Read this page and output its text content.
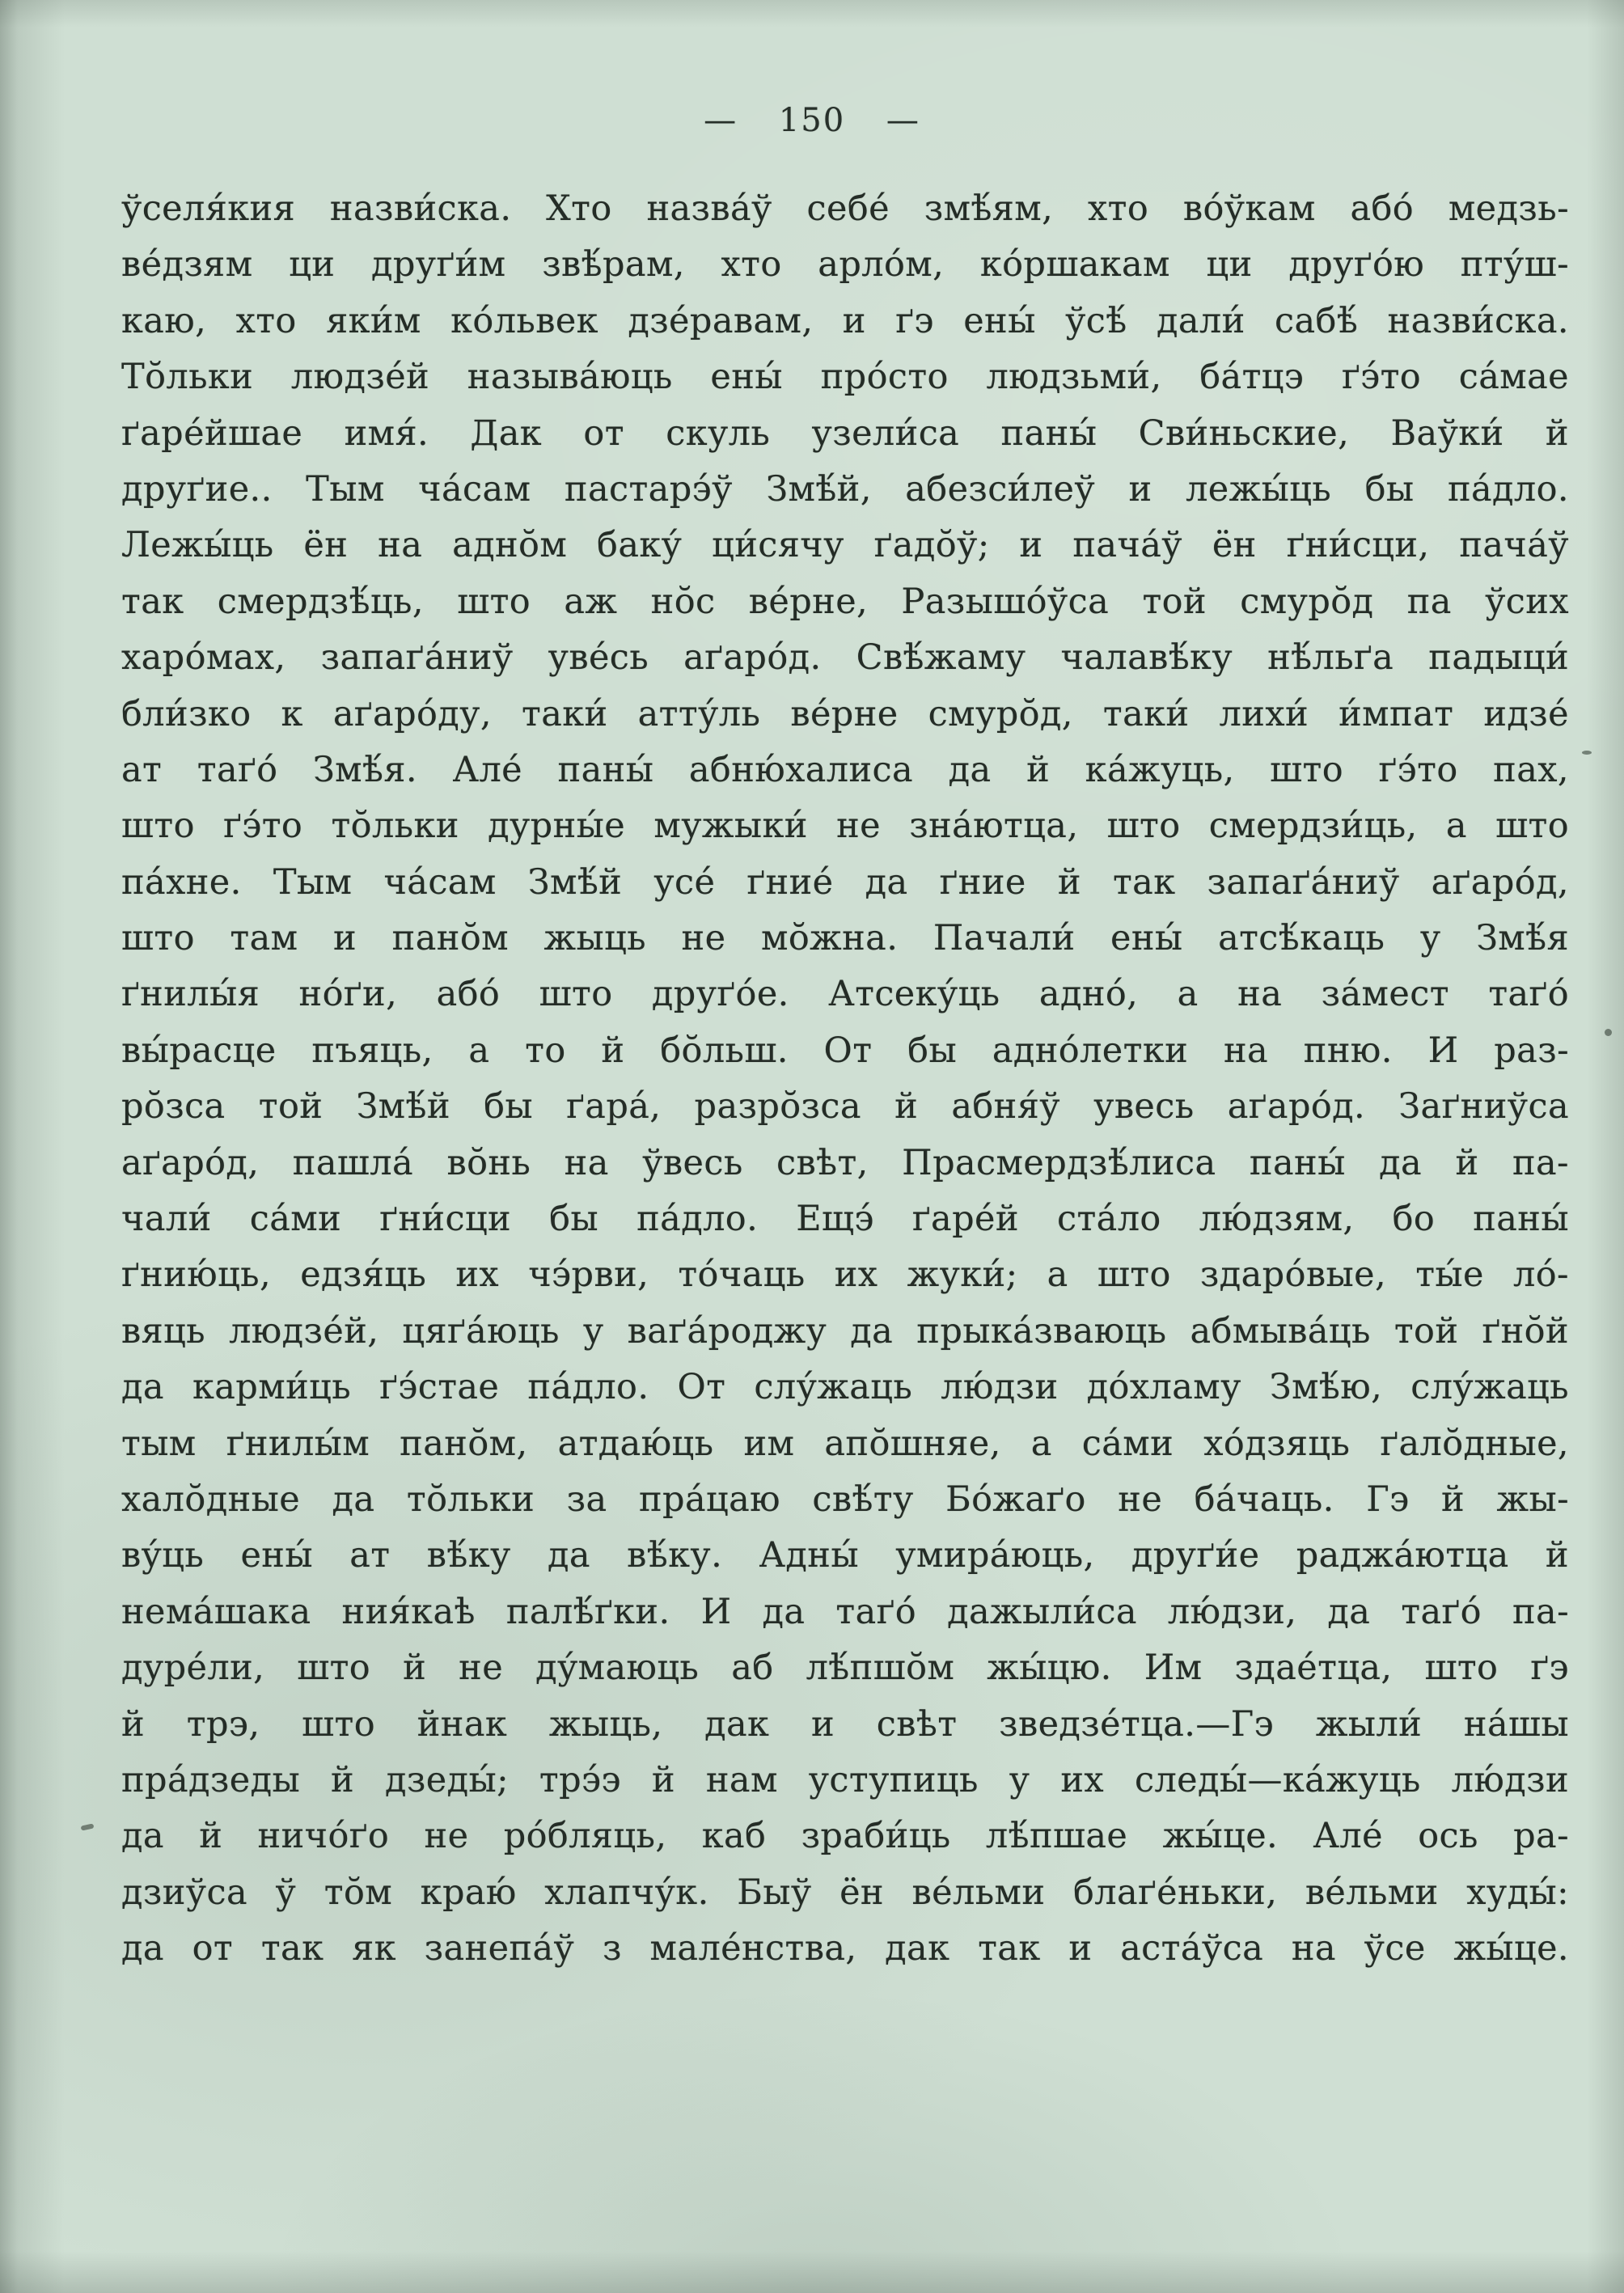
— 150 —
ўселя́кия назви́ска. Хто назва́ў себе́ змѣ́ям, хто во́ўкам або́ медзь-
ве́дзям ци друґи́м звѣ́рам, хто арло́м, ко́ршакам ци друґо́ю пту́ш-
каю, хто яки́м ко́львек дзе́равам, и ґэ ены́ ўсѣ́ дали́ сабѣ́ назви́ска.
То̆льки людзе́й называ́юць ены́ про́сто людзьми́, ба́тцэ ґэ́то са́мае
ґаре́йшае имя́. Дак от скуль узели́са паны́ Сви́ньские, Ваўки́ й
друґие.. Тым ча́сам пастарэ́ў Змѣ́й, абезси́леў и лежы́ць бы па́дло.
Лежы́ць ён на адно̆м баку́ ци́сячу ґадо̆ў; и пача́ў ён ґни́сци, пача́ў
так смердзѣ́ць, што аж но̆с ве́рне, Разышо́ўса той смуро̆д па ўсих
харо́мах, запаґа́ниў уве́сь аґаро́д. Свѣ́жаму чалавѣ́ку нѣ́льґа падыци́
бли́зко к аґаро́ду, таки́ атту́ль ве́рне смуро̆д, таки́ лихи́ и́мпат идзе́
ат таґо́ Змѣ́я. Але́ паны́ абню́халиса да й ка́жуць, што ґэ́то пах,
што ґэ́то то̆льки дурны́е мужыки́ не зна́ютца, што смердзи́ць, а што
па́хне. Тым ча́сам Змѣ́й усе́ ґние́ да ґние й так запаґа́ниў аґаро́д,
што там и пано̆м жыць не мо̆жна. Пачали́ ены́ атсѣ́каць у Змѣ́я
ґнилы́я но́ґи, або́ што друґо́е. Атсеку́ць адно́, а на за́мест таґо́
вы́расце пъяць, а то й бо̆льш. От бы адно́летки на пню. И раз-
ро̆зса той Змѣ́й бы ґара́, разро̆зса й абня́ў увесь аґаро́д. Заґниўса
аґаро́д, пашла́ во̆нь на ўвесь свѣт, Прасмердзѣ́лиса паны́ да й па-
чали́ са́ми ґни́сци бы па́дло. Ещэ́ ґаре́й ста́ло лю́дзям, бо паны́
ґнию́ць, едзя́ць их чэ́рви, то́чаць их жуки́; а што здаро́вые, ты́е ло́-
вяць людзе́й, цяґа́юць у ваґа́роджу да прыка́зваюць абмыва́ць той ґно̆й
да карми́ць ґэ́стае па́дло. От слу́жаць лю́дзи до́хламу Змѣ́ю, слу́жаць
тым ґнилы́м пано̆м, атдаю́ць им апо̆шняе, а са́ми хо́дзяць ґало̆дные,
хало̆дные да то̆льки за пра́цаю свѣ́ту Бо́жаґо не ба́чаць. Гэ й жы-
ву́ць ены́ ат вѣ́ку да вѣ́ку. Адны́ умира́юць, друґи́е раджа́ютца й
нема́шака ния́каѣ палѣ́ґки. И да таґо́ дажыли́са лю́дзи, да таґо́ па-
дуре́ли, што й не ду́маюць аб лѣ́пшо̆м жы́цю. Им здае́тца, што ґэ
й трэ, што йнак жыць, дак и свѣт зведзе́тца.—Гэ жыли́ на́шы
пра́дзеды й дзеды́; трэ́э й нам уступиць у их следы́—ка́жуць лю́дзи
да й ничо́ґо не ро́бляць, каб зраби́ць лѣ́пшае жы́це. Але́ ось ра-
дзиўса ў то̆м краю́ хлапчу́к. Быў ён ве́льми блаґе́ньки, ве́льми худы́:
да от так як занепа́ў з мале́нства, дак так и аста́ўса на ўсе жы́це.
